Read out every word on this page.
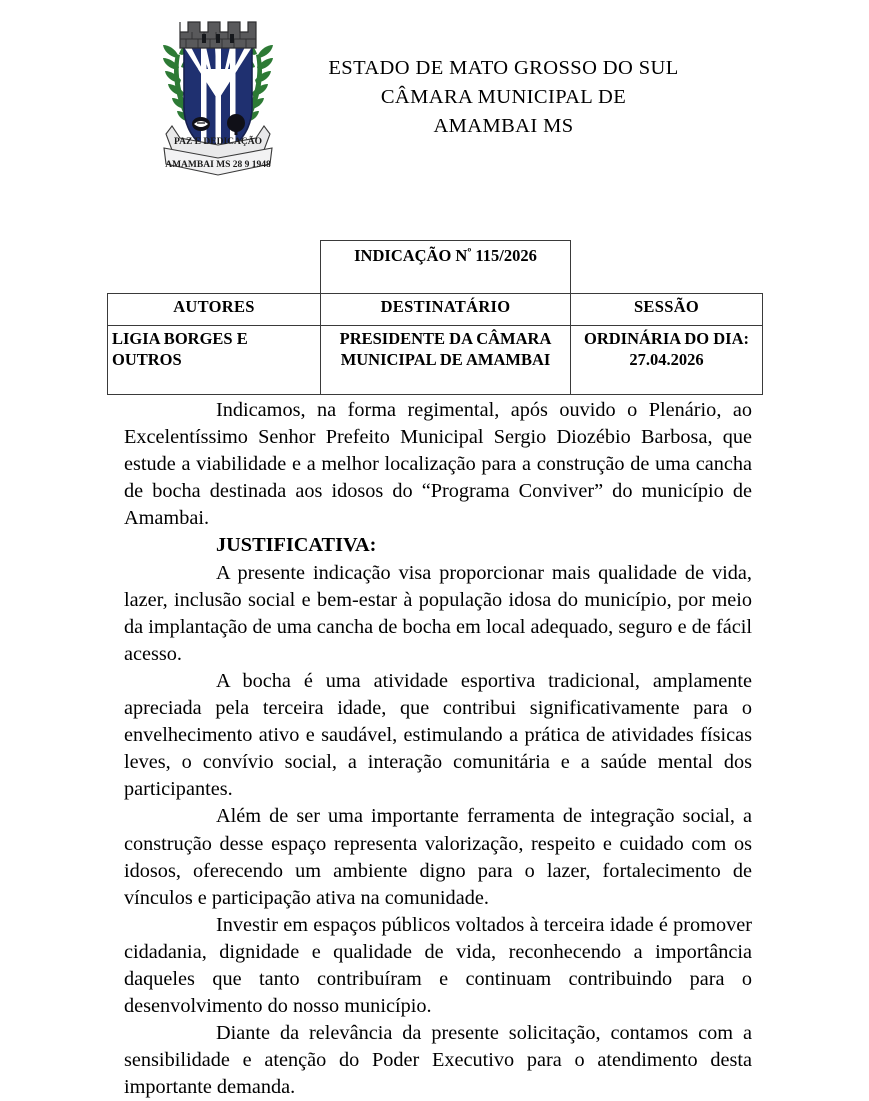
PAZ E DEDICAÇÃO
AMAMBAI MS 28 9 1948
ESTADO DE MATO GROSSO DO SUL
CÂMARA MUNICIPAL DE
AMAMBAI MS
	INDICAÇÃO $N^º$ 115/2026	
AUTORES	DESTINATÁRIO	SESSÃO
LIGIA BORGES E OUTROS	PRESIDENTE DA CÂMARA MUNICIPAL DE AMAMBAI	ORDINÁRIA DO DIA: 27.04.2026

Indicamos, na forma regimental, após ouvido o Plenário, ao Excelentíssimo Senhor Prefeito Municipal Sergio Diozébio Barbosa, que estude a viabilidade e a melhor localização para a construção de uma cancha de bocha destinada aos idosos do “Programa Conviver” do município de Amambai.

JUSTIFICATIVA:

A presente indicação visa proporcionar mais qualidade de vida, lazer, inclusão social e bem-estar à população idosa do município, por meio da implantação de uma cancha de bocha em local adequado, seguro e de fácil acesso.

A bocha é uma atividade esportiva tradicional, amplamente apreciada pela terceira idade, que contribui significativamente para o envelhecimento ativo e saudável, estimulando a prática de atividades físicas leves, o convívio social, a interação comunitária e a saúde mental dos participantes.

Além de ser uma importante ferramenta de integração social, a construção desse espaço representa valorização, respeito e cuidado com os idosos, oferecendo um ambiente digno para o lazer, fortalecimento de vínculos e participação ativa na comunidade.

Investir em espaços públicos voltados à terceira idade é promover cidadania, dignidade e qualidade de vida, reconhecendo a importância daqueles que tanto contribuíram e continuam contribuindo para o desenvolvimento do nosso município.

Diante da relevância da presente solicitação, contamos com a sensibilidade e atenção do Poder Executivo para o atendimento desta importante demanda.
